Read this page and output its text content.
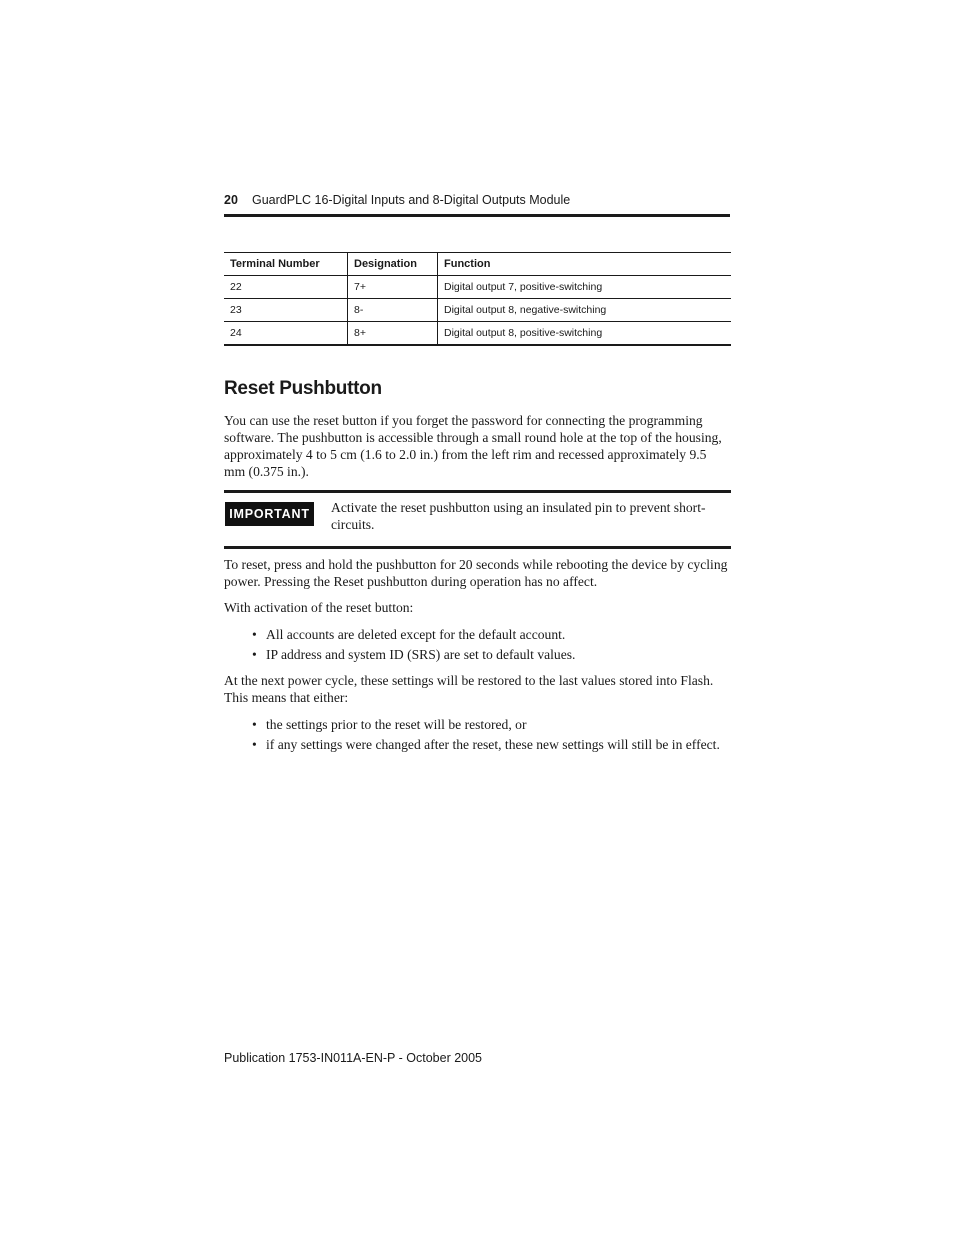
20 GuardPLC 16-Digital Inputs and 8-Digital Outputs Module
Terminal Number	Designation	Function
22	7+	Digital output 7, positive-switching
23	8-	Digital output 8, negative-switching
24	8+	Digital output 8, positive-switching
Reset Pushbutton

You can use the reset button if you forget the password for connecting the programming software. The pushbutton is accessible through a small round hole at the top of the housing, approximately 4 to 5 cm (1.6 to 2.0 in.) from the left rim and recessed approximately 9.5 mm (0.375 in.).

IMPORTANT	Activate the reset pushbutton using an insulated pin to prevent short-circuits.

To reset, press and hold the pushbutton for 20 seconds while rebooting the device by cycling power. Pressing the Reset pushbutton during operation has no affect.

With activation of the reset button:

• All accounts are deleted except for the default account.
• IP address and system ID (SRS) are set to default values.

At the next power cycle, these settings will be restored to the last values stored into Flash. This means that either:

• the settings prior to the reset will be restored, or
• if any settings were changed after the reset, these new settings will still be in effect.
Publication 1753-IN011A-EN-P - October 2005
